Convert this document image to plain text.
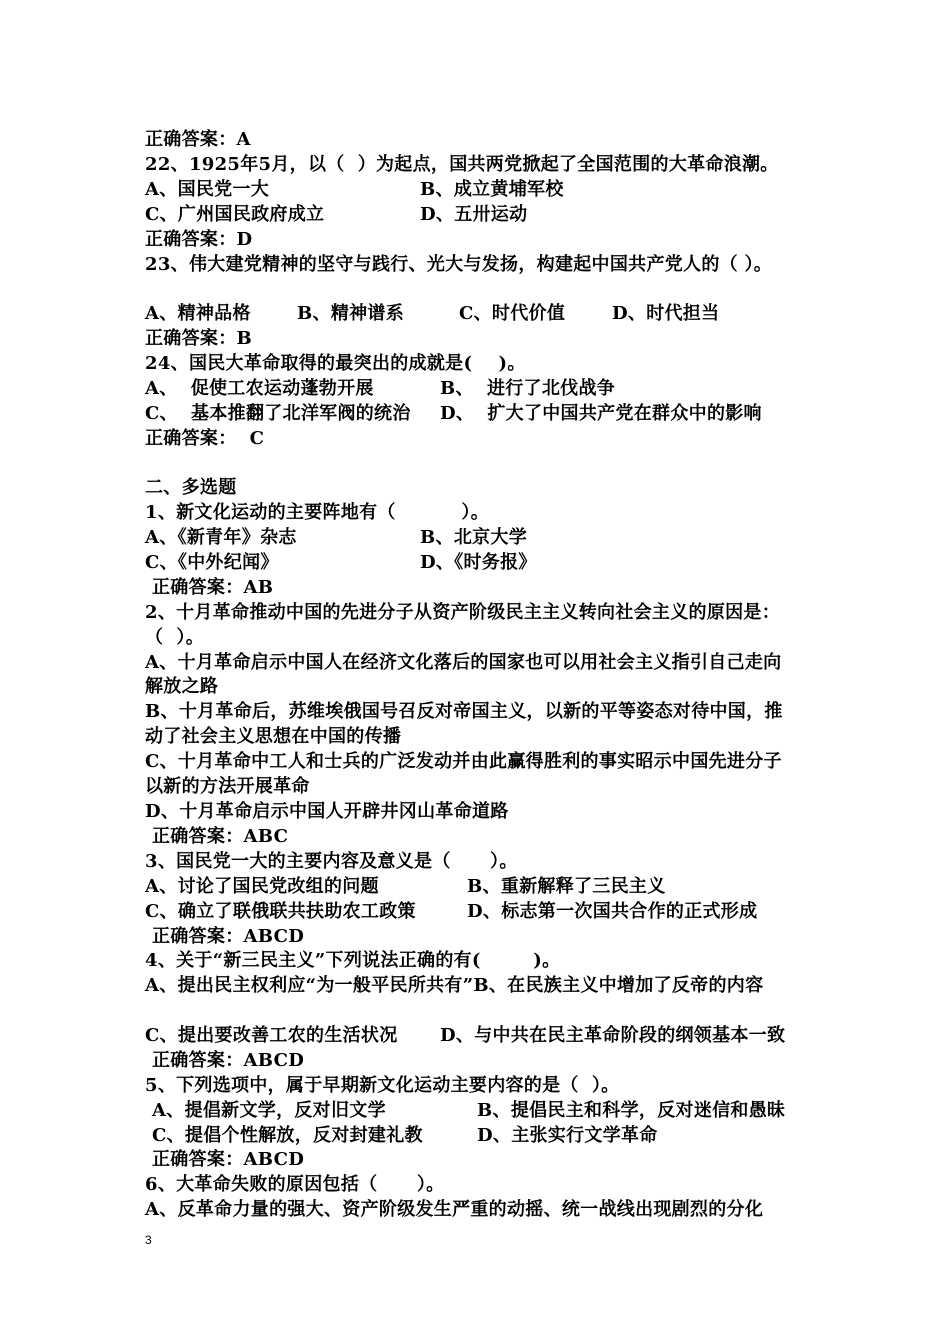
正确答案：A
22、1925年5月，以（  ）为起点，国共两党掀起了全国范围的大革命浪潮。
A、国民党一大	B、成立黄埔军校
C、广州国民政府成立	D、五卅运动
正确答案：D
23、伟大建党精神的坚守与践行、光大与发扬，构建起中国共产党人的（ ）。
A、精神品格	B、精神谱系	C、时代价值	D、时代担当
正确答案：B
24、国民大革命取得的最突出的成就是(    )。
A、  促使工农运动蓬勃开展	B、  进行了北伐战争
C、  基本推翻了北洋军阀的统治 D、  扩大了中国共产党在群众中的影响
正确答案：  C
二、多选题
1、新文化运动的主要阵地有（          ）。
A、《新青年》杂志	B、北京大学
C、《中外纪闻》	D、《时务报》
正确答案：AB
2、十月革命推动中国的先进分子从资产阶级民主主义转向社会主义的原因是：
（  ）。
A、十月革命启示中国人在经济文化落后的国家也可以用社会主义指引自己走向
解放之路
B、十月革命后，苏维埃俄国号召反对帝国主义，以新的平等姿态对待中国，推
动了社会主义思想在中国的传播
C、十月革命中工人和士兵的广泛发动并由此赢得胜利的事实昭示中国先进分子
以新的方法开展革命
D、十月革命启示中国人开辟井冈山革命道路
正确答案：ABC
3、国民党一大的主要内容及意义是（      ）。
A、讨论了国民党改组的问题	B、重新解释了三民主义
C、确立了联俄联共扶助农工政策	D、标志第一次国共合作的正式形成
正确答案：ABCD
4、关于“新三民主义”下列说法正确的有(        )。
A、提出民主权利应“为一般平民所共有”B、在民族主义中增加了反帝的内容
C、提出要改善工农的生活状况 D、与中共在民主革命阶段的纲领基本一致
正确答案：ABCD
5、下列选项中，属于早期新文化运动主要内容的是（  ）。
A、提倡新文学，反对旧文学	B、提倡民主和科学，反对迷信和愚昧
C、提倡个性解放，反对封建礼教	D、主张实行文学革命
正确答案：ABCD
6、大革命失败的原因包括（      ）。
A、反革命力量的强大、资产阶级发生严重的动摇、统一战线出现剧烈的分化
3
